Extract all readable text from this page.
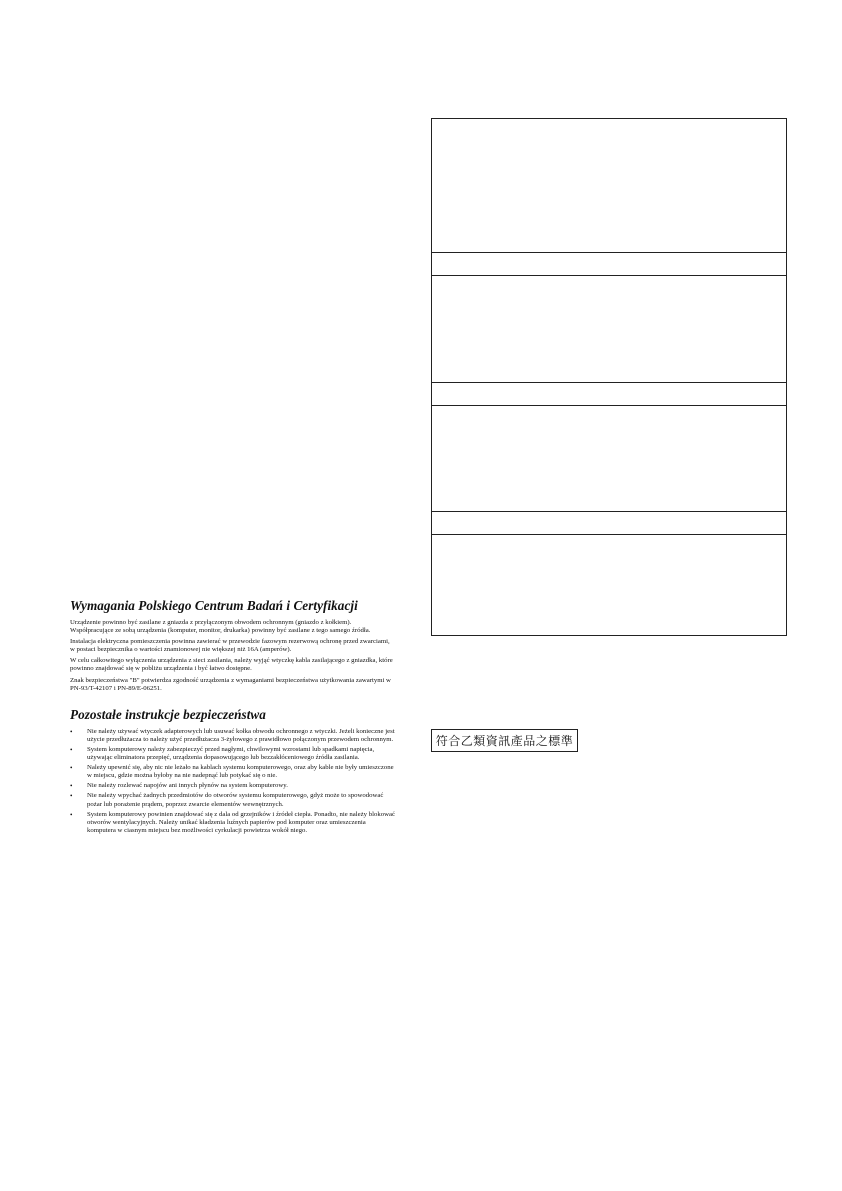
Wymagania Polskiego Centrum Badań i Certyfikacji

Urządzenie powinno być zasilane z gniazda z przyłączonym obwodem ochronnym (gniazdo z kołkiem). Współpracujące ze sobą urządzenia (komputer, monitor, drukarka) powinny być zasilane z tego samego źródła.

Instalacja elektryczna pomieszczenia powinna zawierać w przewodzie fazowym rezerwową ochronę przed zwarciami, w postaci bezpiecznika o wartości znamionowej nie większej niż 16A (amperów).

W celu całkowitego wyłączenia urządzenia z sieci zasilania, należy wyjąć wtyczkę kabla zasilającego z gniazdka, które powinno znajdować się w pobliżu urządzenia i być łatwo dostępne.

Znak bezpieczeństwa "B" potwierdza zgodność urządzenia z wymaganiami bezpieczeństwa użytkowania zawartymi w PN-93/T-42107 i PN-89/E-06251.

Pozostałe instrukcje bezpieczeństwa
• Nie należy używać wtyczek adapterowych lub usuwać kołka obwodu ochronnego z wtyczki. Jeżeli konieczne jest użycie przedłużacza to należy użyć przedłużacza 3-żyłowego z prawidłowo połączonym przewodem ochronnym.
• System komputerowy należy zabezpieczyć przed nagłymi, chwilowymi wzrostami lub spadkami napięcia, używając eliminatora przepięć, urządzenia dopasowującego lub bezzakłóceniowego źródła zasilania.
• Należy upewnić się, aby nic nie leżało na kablach systemu komputerowego, oraz aby kable nie były umieszczone w miejscu, gdzie można byłoby na nie nadepnąć lub potykać się o nie.
• Nie należy rozlewać napojów ani innych płynów na system komputerowy.
• Nie należy wpychać żadnych przedmiotów do otworów systemu komputerowego, gdyż może to spowodować pożar lub porażenie prądem, poprzez zwarcie elementów wewnętrznych.
• System komputerowy powinien znajdować się z dala od grzejników i źródeł ciepła. Ponadto, nie należy blokować otworów wentylacyjnych. Należy unikać kładzenia luźnych papierów pod komputer oraz umieszczenia komputera w ciasnym miejscu bez możliwości cyrkulacji powietrza wokół niego.
符合乙類資訊產品之標準
